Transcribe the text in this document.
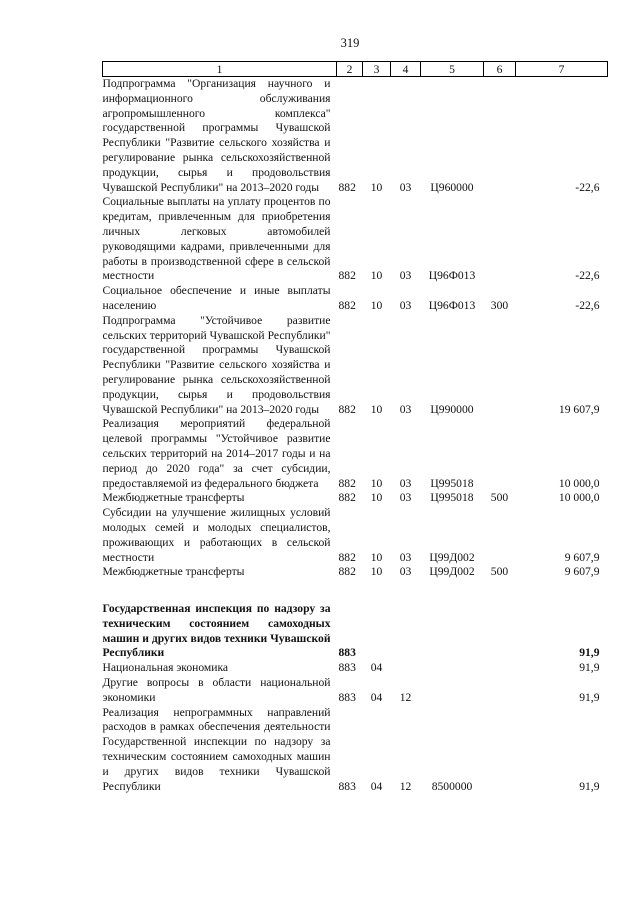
319
1	2	3	4	5	6	7
Подпрограмма "Организация научного и информационного обслуживания агропромышленного комплекса" государственной программы Чувашской Республики "Развитие сельского хозяйства и регулирование рынка сельскохозяйственной продукции, сырья и продовольствия Чувашской Республики" на 2013–2020 годы	882	10	03	Ц960000		-22,6
Социальные выплаты на уплату процентов по кредитам, привлеченным для приобретения личных легковых автомобилей руководящими кадрами, привлеченными для работы в производственной сфере в сельской местности	882	10	03	Ц96Ф013		-22,6
Социальное обеспечение и иные выплаты населению	882	10	03	Ц96Ф013	300	-22,6
Подпрограмма "Устойчивое развитие сельских территорий Чувашской Республики" государственной программы Чувашской Республики "Развитие сельского хозяйства и регулирование рынка сельскохозяйственной продукции, сырья и продовольствия Чувашской Республики" на 2013–2020 годы	882	10	03	Ц990000		19 607,9
Реализация мероприятий федеральной целевой программы "Устойчивое развитие сельских территорий на 2014–2017 годы и на период до 2020 года" за счет субсидии, предоставляемой из федерального бюджета	882	10	03	Ц995018		10 000,0
Межбюджетные трансферты	882	10	03	Ц995018	500	10 000,0
Субсидии на улучшение жилищных условий молодых семей и молодых специалистов, проживающих и работающих в сельской местности	882	10	03	Ц99Д002		9 607,9
Межбюджетные трансферты	882	10	03	Ц99Д002	500	9 607,9

Государственная инспекция по надзору за техническим состоянием самоходных машин и других видов техники Чувашской Республики	883					91,9
Национальная экономика	883	04				91,9
Другие вопросы в области национальной экономики	883	04	12			91,9
Реализация непрограммных направлений расходов в рамках обеспечения деятельности Государственной инспекции по надзору за техническим состоянием самоходных машин и других видов техники Чувашской Республики	883	04	12	8500000		91,9
